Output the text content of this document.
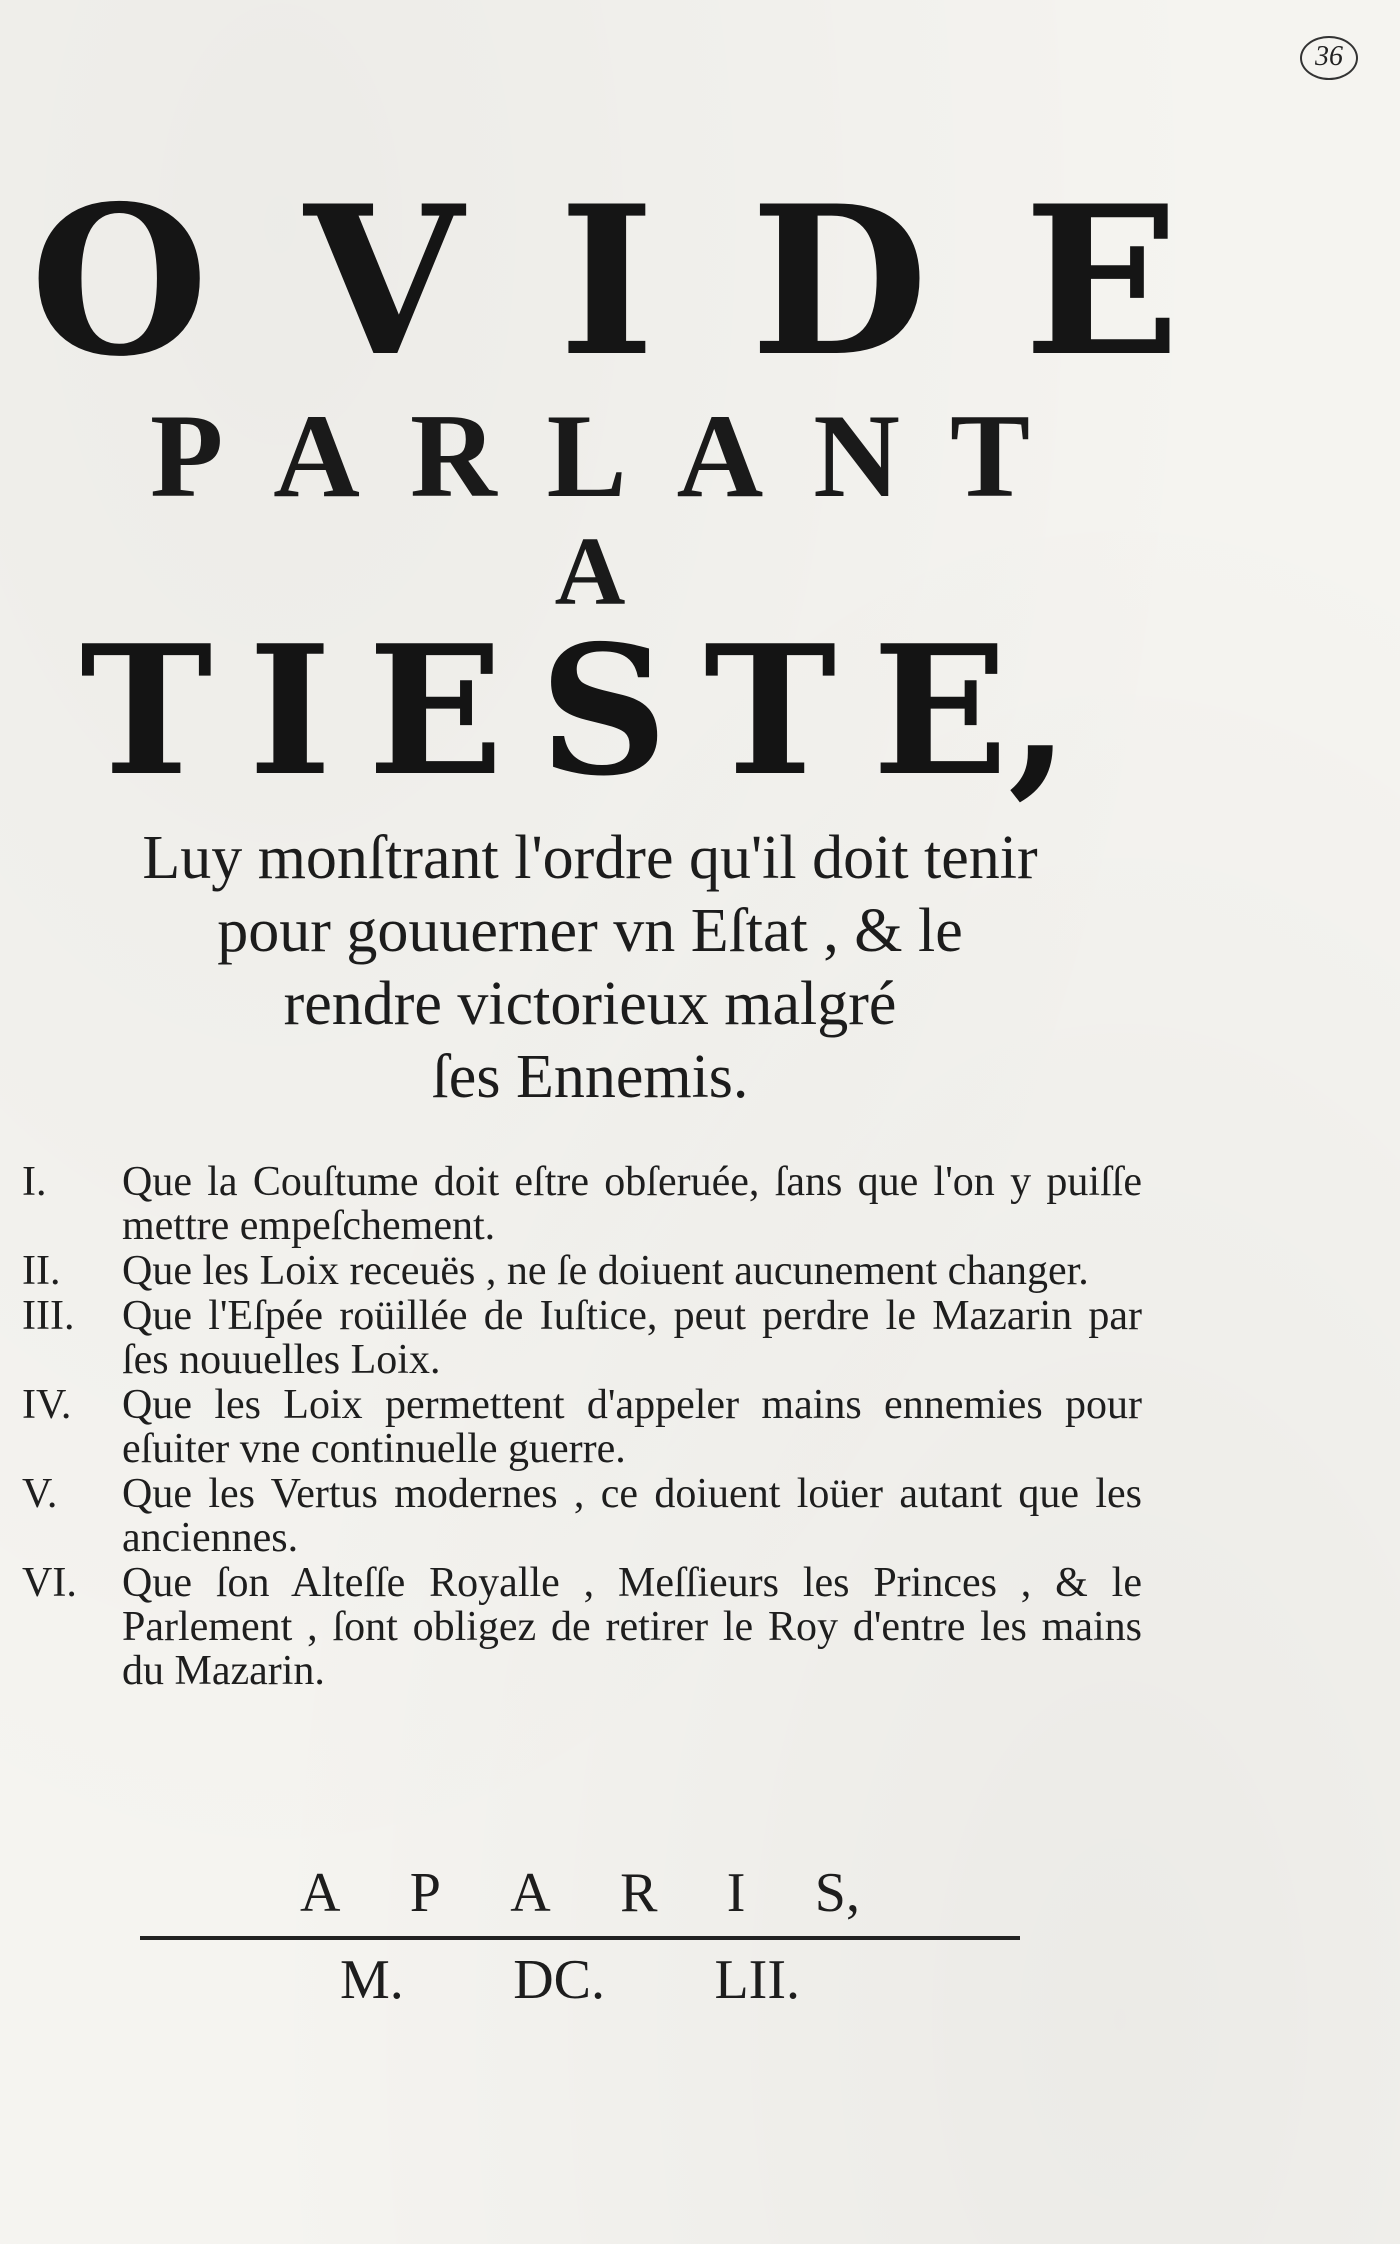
36
O V I D E
P A R L A N T
A
T I E S T E,
Luy monſtrant l'ordre qu'il doit tenir
pour gouuerner vn Eſtat , & le
rendre victorieux malgré
ſes Ennemis.
I.	Que la Couſtume doit eſtre obſeruée, ſans que l'on y puiſſe mettre empeſchement.
II.	Que les Loix receuës , ne ſe doiuent aucunement changer.
III.	Que l'Eſpée roüillée de Iuſtice, peut perdre le Mazarin par ſes nouuelles Loix.
IV.	Que les Loix permettent d'appeler mains ennemies pour eſuiter vne continuelle guerre.
V.	Que les Vertus modernes , ce doiuent loüer autant que les anciennes.
VI.	Que ſon Alteſſe Royalle , Meſſieurs les Princes , & le Parlement , ſont obligez de retirer le Roy d'entre les mains du Mazarin.
A P A R I S,
M. DC. LII.
